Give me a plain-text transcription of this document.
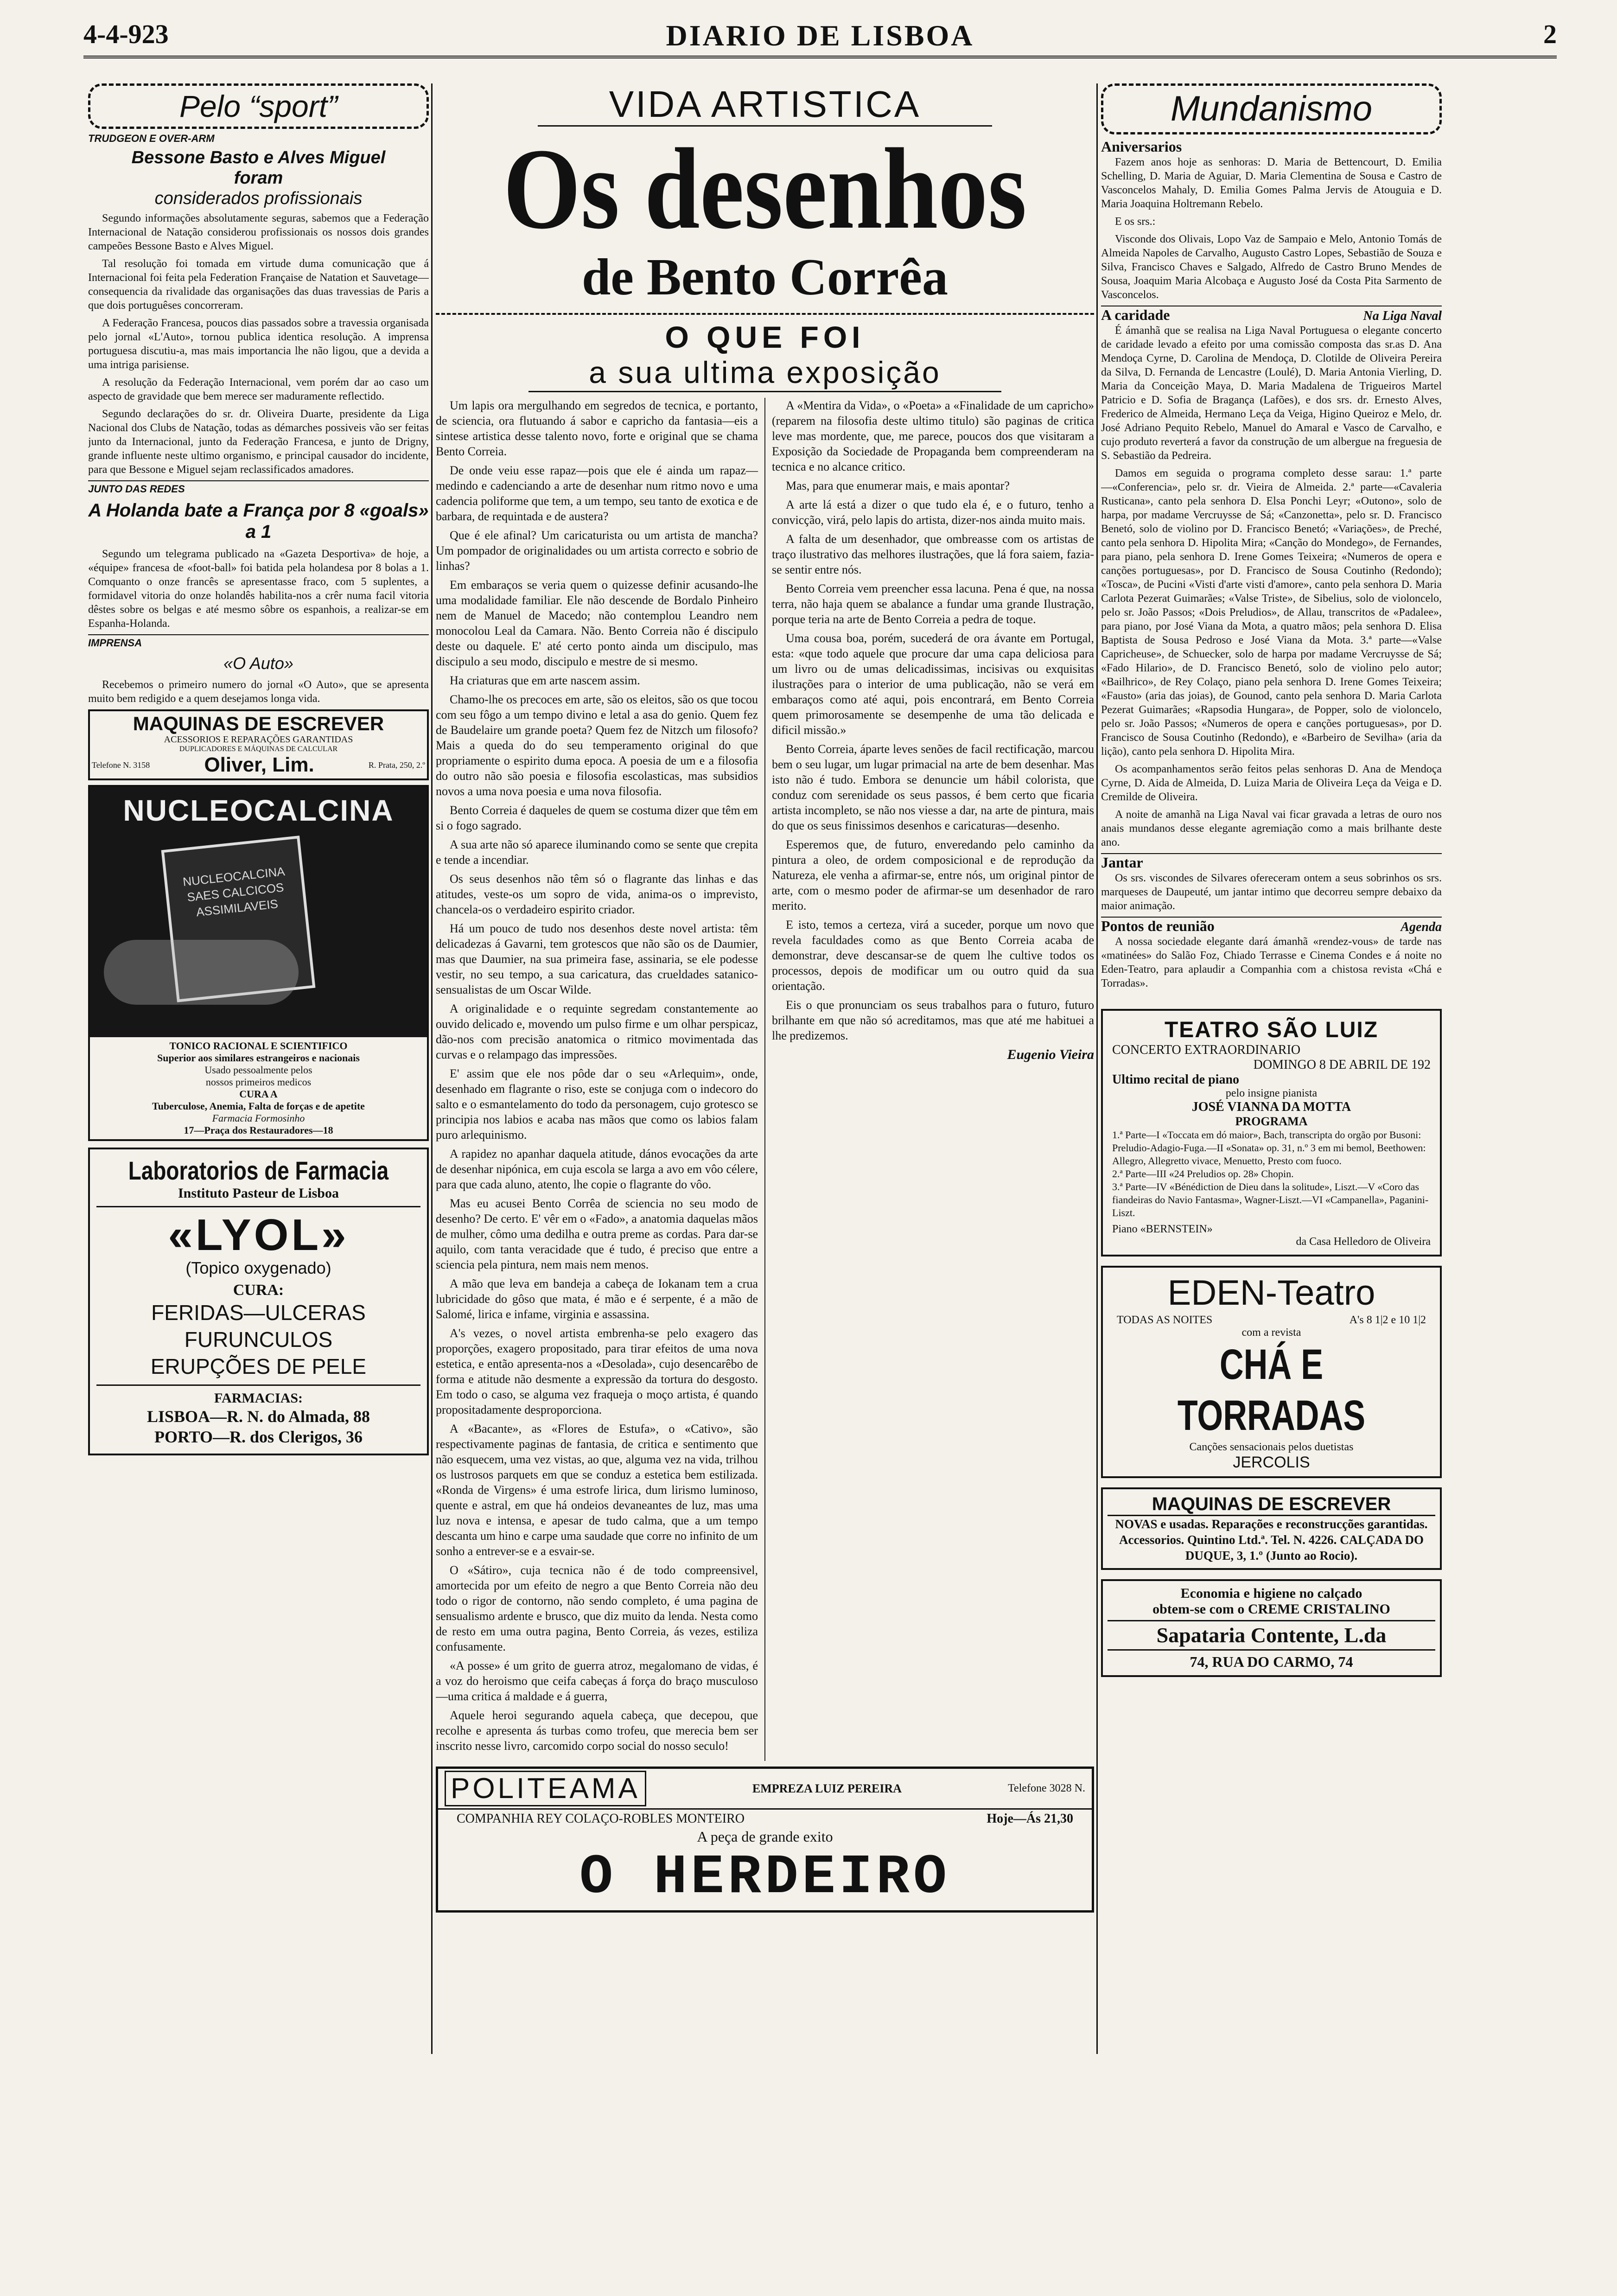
4-4-923	DIARIO DE LISBOA	2
Pelo “sport”
TRUDGEON E OVER-ARM
Bessone Basto e Alves Miguel
foram
considerados profissionais

Segundo informações absolutamente seguras, sabemos que a Federação Internacional de Natação considerou profissionais os nossos dois grandes campeões Bessone Basto e Alves Miguel.

Tal resolução foi tomada em virtude duma comunicação que á Internacional foi feita pela Federation Française de Natation et Sauvetage—consequencia da rivalidade das organisações das duas travessias de Paris a que dois portuguêses concorreram.

A Federação Francesa, poucos dias passados sobre a travessia organisada pelo jornal «L'Auto», tornou publica identica resolução. A imprensa portuguesa discutiu-a, mas mais importancia lhe não ligou, que a devida a uma intriga parisiense.

A resolução da Federação Internacional, vem porém dar ao caso um aspecto de gravidade que bem merece ser maduramente reflectido.

Segundo declarações do sr. dr. Oliveira Duarte, presidente da Liga Nacional dos Clubs de Natação, todas as démarches possiveis vão ser feitas junto da Internacional, junto da Federação Francesa, e junto de Drigny, grande influente neste ultimo organismo, e principal causador do incidente, para que Bessone e Miguel sejam reclassificados amadores.

JUNTO DAS REDES
A Holanda bate a França por 8 «goals» a 1

Segundo um telegrama publicado na «Gazeta Desportiva» de hoje, a «équipe» francesa de «foot-ball» foi batida pela holandesa por 8 bolas a 1. Comquanto o onze francês se apresentasse fraco, com 5 suplentes, a formidavel vitoria do onze holandês habilita-nos a crêr numa facil vitoria dêstes sobre os belgas e até mesmo sôbre os espanhois, a realizar-se em Espanha-Holanda.

IMPRENSA
«O Auto»

Recebemos o primeiro numero do jornal «O Auto», que se apresenta muito bem redigido e a quem desejamos longa vida.

MAQUINAS DE ESCREVER
ACESSORIOS E REPARAÇÕES GARANTIDAS
DUPLICADORES E MÁQUINAS DE CALCULAR
Telefone N. 3158	Oliver, Lim.	R. Prata, 250, 2.º
NUCLEOCALCINA
NUCLEOCALCINA SAES CALCICOS ASSIMILAVEIS
TONICO RACIONAL E SCIENTIFICO
Superior aos similares estrangeiros e nacionais
Usado pessoalmente pelos
nossos primeiros medicos
CURA A
Tuberculose, Anemia, Falta de forças e de apetite
Farmacia Formosinho
17—Praça dos Restauradores—18
Laboratorios de Farmacia
Instituto Pasteur de Lisboa
«LYOL»
(Topico oxygenado)
CURA:
FERIDAS—ULCERAS
FURUNCULOS
ERUPÇÕES DE PELE
FARMACIAS:
LISBOA—R. N. do Almada, 88
PORTO—R. dos Clerigos, 36
VIDA ARTISTICA
Os desenhos
de Bento Corrêa
O QUE FOI
a sua ultima exposição

Um lapis ora mergulhando em segredos de tecnica, e portanto, de sciencia, ora flutuando á sabor e capricho da fantasia—eis a sintese artistica desse talento novo, forte e original que se chama Bento Correia.

De onde veiu esse rapaz—pois que ele é ainda um rapaz—medindo e cadenciando a arte de desenhar num ritmo novo e uma cadencia poliforme que tem, a um tempo, seu tanto de exotica e de barbara, de requintada e de austera?

Que é ele afinal? Um caricaturista ou um artista de mancha? Um pompador de originalidades ou um artista correcto e sobrio de linhas?

Em embaraços se veria quem o quizesse definir acusando-lhe uma modalidade familiar. Ele não descende de Bordalo Pinheiro nem de Manuel de Macedo; não contemplou Leandro nem monocolou Leal da Camara. Não. Bento Correia não é discipulo deste ou daquele. E' até certo ponto ainda um discipulo, mas discipulo a seu modo, discipulo e mestre de si mesmo.

Ha criaturas que em arte nascem assim.

Chamo-lhe os precoces em arte, são os eleitos, são os que tocou com seu fôgo a um tempo divino e letal a asa do genio. Quem fez de Baudelaire um grande poeta? Quem fez de Nitzch um filosofo? Mais a queda do do seu temperamento original do que propriamente o espirito duma epoca. A poesia de um e a filosofia do outro não são poesia e filosofia escolasticas, mas subsidios novos a uma nova poesia e uma nova filosofia.

Bento Correia é daqueles de quem se costuma dizer que têm em si o fogo sagrado.

A sua arte não só aparece iluminando como se sente que crepita e tende a incendiar.

Os seus desenhos não têm só o flagrante das linhas e das atitudes, veste-os um sopro de vida, anima-os o imprevisto, chancela-os o verdadeiro espirito criador.

Há um pouco de tudo nos desenhos deste novel artista: têm delicadezas á Gavarni, tem grotescos que não são os de Daumier, mas que Daumier, na sua primeira fase, assinaria, se ele podesse vestir, no seu tempo, a sua caricatura, das crueldades satanico-sensualistas de um Oscar Wilde.

A originalidade e o requinte segredam constantemente ao ouvido delicado e, movendo um pulso firme e um olhar perspicaz, dão-nos com precisão anatomica o ritmico movimentada das curvas e o relampago das impressões.

E' assim que ele nos pôde dar o seu «Arlequim», onde, desenhado em flagrante o riso, este se conjuga com o indecoro do salto e o esmantelamento do todo da personagem, cujo grotesco se principia nos labios e acaba nas mãos que como os labios falam puro arlequinismo.

A rapidez no apanhar daquela atitude, dános evocações da arte de desenhar nipónica, em cuja escola se larga a avo em vôo célere, para que cada aluno, atento, lhe copie o flagrante do vôo.

Mas eu acusei Bento Corrêa de sciencia no seu modo de desenho? De certo. E' vêr em o «Fado», a anatomia daquelas mãos de mulher, cômo uma dedilha e outra preme as cordas. Para dar-se aquilo, com tanta veracidade que é tudo, é preciso que entre a sciencia pela pintura, nem mais nem menos.

A mão que leva em bandeja a cabeça de Iokanam tem a crua lubricidade do gôso que mata, é mão e é serpente, é a mão de Salomé, lirica e infame, virginia e assassina.

A's vezes, o novel artista embrenha-se pelo exagero das proporções, exagero propositado, para tirar efeitos de uma nova estetica, e então apresenta-nos a «Desolada», cujo desencarêbo de forma e atitude não desmente a expressão da tortura do desgosto. Em todo o caso, se alguma vez fraqueja o moço artista, é quando propositadamente desproporciona.

A «Bacante», as «Flores de Estufa», o «Cativo», são respectivamente paginas de fantasia, de critica e sentimento que não esquecem, uma vez vistas, ao que, alguma vez na vida, trilhou os lustrosos parquets em que se conduz a estetica bem estilizada. «Ronda de Virgens» é uma estrofe lirica, dum lirismo luminoso, quente e astral, em que há ondeios devaneantes de luz, mas uma luz nova e intensa, e apesar de tudo calma, que a um tempo descanta um hino e carpe uma saudade que corre no infinito de um sonho a entrever-se e a esvair-se.

O «Sátiro», cuja tecnica não é de todo compreensivel, amortecida por um efeito de negro a que Bento Correia não deu todo o rigor de contorno, não sendo completo, é uma pagina de sensualismo ardente e brusco, que diz muito da lenda. Nesta como de resto em uma outra pagina, Bento Correia, ás vezes, estiliza confusamente.

«A posse» é um grito de guerra atroz, megalomano de vidas, é a voz do heroismo que ceifa cabeças á força do braço musculoso—uma critica á maldade e á guerra,

Aquele heroi segurando aquela cabeça, que decepou, que recolhe e apresenta ás turbas como trofeu, que merecia bem ser inscrito nesse livro, carcomido corpo social do nosso seculo!

A «Mentira da Vida», o «Poeta» a «Finalidade de um capricho» (reparem na filosofia deste ultimo titulo) são paginas de critica leve mas mordente, que, me parece, poucos dos que visitaram a Exposição da Sociedade de Propaganda bem compreenderam na tecnica e no alcance critico.

Mas, para que enumerar mais, e mais apontar?

A arte lá está a dizer o que tudo ela é, e o futuro, tenho a convicção, virá, pelo lapis do artista, dizer-nos ainda muito mais.

A falta de um desenhador, que ombreasse com os artistas de traço ilustrativo das melhores ilustrações, que lá fora saiem, fazia-se sentir entre nós.

Bento Correia vem preencher essa lacuna. Pena é que, na nossa terra, não haja quem se abalance a fundar uma grande Ilustração, porque teria na arte de Bento Correia a pedra de toque.

Uma cousa boa, porém, sucederá de ora ávante em Portugal, esta: «que todo aquele que procure dar uma capa deliciosa para um livro ou de umas delicadissimas, incisivas ou exquisitas ilustrações para o interior de uma publicação, não se verá em embaraços como até aqui, pois encontrará, em Bento Correia quem primorosamente se desempenhe de uma tão delicada e dificil missão.»

Bento Correia, áparte leves senões de facil rectificação, marcou bem o seu lugar, um lugar primacial na arte de bem desenhar. Mas isto não é tudo. Embora se denuncie um hábil colorista, que conduz com serenidade os seus passos, é bem certo que ficaria artista incompleto, se não nos viesse a dar, na arte de pintura, mais do que os seus finissimos desenhos e caricaturas—desenho.

Esperemos que, de futuro, enveredando pelo caminho da pintura a oleo, de ordem composicional e de reprodução da Natureza, ele venha a afirmar-se, entre nós, um original pintor de arte, com o mesmo poder de afirmar-se um desenhador de raro merito.

E isto, temos a certeza, virá a suceder, porque um novo que revela faculdades como as que Bento Correia acaba de demonstrar, deve descansar-se de quem lhe cultive todos os processos, depois de modificar um ou outro quid da sua orientação.

Eis o que pronunciam os seus trabalhos para o futuro, futuro brilhante em que não só acreditamos, mas que até me habituei a lhe predizemos.

Eugenio Vieira
POLITEAMA	EMPREZA LUIZ PEREIRA	Telefone 3028 N.
COMPANHIA REY COLAÇO-ROBLES MONTEIRO	Hoje—Ás 21,30
A peça de grande exito
O HERDEIRO
Mundanismo
Aniversarios

Fazem anos hoje as senhoras: D. Maria de Bettencourt, D. Emilia Schelling, D. Maria de Aguiar, D. Maria Clementina de Sousa e Castro de Vasconcelos Mahaly, D. Emilia Gomes Palma Jervis de Atouguia e D. Maria Joaquina Holtremann Rebelo.

E os srs.:

Visconde dos Olivais, Lopo Vaz de Sampaio e Melo, Antonio Tomás de Almeida Napoles de Carvalho, Augusto Castro Lopes, Sebastião de Souza e Silva, Francisco Chaves e Salgado, Alfredo de Castro Bruno Mendes de Sousa, Joaquim Maria Alcobaça e Augusto José da Costa Pita Sarmento de Vasconcelos.

A caridade	Na Liga Naval

É ámanhã que se realisa na Liga Naval Portuguesa o elegante concerto de caridade levado a efeito por uma comissão composta das sr.as D. Ana Mendoça Cyrne, D. Carolina de Mendoça, D. Clotilde de Oliveira Pereira da Silva, D. Fernanda de Lencastre (Loulé), D. Maria Antonia Vierling, D. Maria da Conceição Maya, D. Maria Madalena de Trigueiros Martel Patricio e D. Sofia de Bragança (Lafões), e dos srs. dr. Ernesto Alves, Frederico de Almeida, Hermano Leça da Veiga, Higino Queiroz e Melo, dr. José Adriano Pequito Rebelo, Manuel do Amaral e Vasco de Carvalho, e cujo produto reverterá a favor da construção de um albergue na freguesia de S. Sebastião da Pedreira.

Damos em seguida o programa completo desse sarau: 1.ª parte—«Conferencia», pelo sr. dr. Vieira de Almeida. 2.ª parte—«Cavaleria Rusticana», canto pela senhora D. Elsa Ponchi Leyr; «Outono», solo de harpa, por madame Vercruysse de Sá; «Canzonetta», pelo sr. D. Francisco Benetó, solo de violino por D. Francisco Benetó; «Variações», de Preché, canto pela senhora D. Hipolita Mira; «Canção do Mondego», de Fernandes, para piano, pela senhora D. Irene Gomes Teixeira; «Numeros de opera e canções portuguesas», por D. Francisco de Sousa Coutinho (Redondo); «Tosca», de Pucini «Visti d'arte visti d'amore», canto pela senhora D. Maria Carlota Pezerat Guimarães; «Valse Triste», de Sibelius, solo de violoncelo, pelo sr. João Passos; «Dois Preludios», de Allau, transcritos de «Padalee», para piano, por José Viana da Mota, a quatro mãos; pela senhora D. Elisa Baptista de Sousa Pedroso e José Viana da Mota. 3.ª parte—«Valse Capricheuse», de Schuecker, solo de harpa por madame Vercruysse de Sá; «Fado Hilario», de D. Francisco Benetó, solo de violino pelo autor; «Bailhrico», de Rey Colaço, piano pela senhora D. Irene Gomes Teixeira; «Fausto» (aria das joias), de Gounod, canto pela senhora D. Maria Carlota Pezerat Guimarães; «Rapsodia Hungara», de Popper, solo de violoncelo, pelo sr. João Passos; «Numeros de opera e canções portuguesas», por D. Francisco de Sousa Coutinho (Redondo), e «Barbeiro de Sevilha» (aria da lição), canto pela senhora D. Hipolita Mira.

Os acompanhamentos serão feitos pelas senhoras D. Ana de Mendoça Cyrne, D. Aida de Almeida, D. Luiza Maria de Oliveira Leça da Veiga e D. Cremilde de Oliveira.

A noite de amanhã na Liga Naval vai ficar gravada a letras de ouro nos anais mundanos desse elegante agremiação como a mais brilhante deste ano.

Jantar

Os srs. viscondes de Silvares ofereceram ontem a seus sobrinhos os srs. marqueses de Daupeuté, um jantar intimo que decorreu sempre debaixo da maior animação.

Pontos de reunião	Agenda

A nossa sociedade elegante dará ámanhã «rendez-vous» de tarde nas «matinées» do Salão Foz, Chiado Terrasse e Cinema Condes e á noite no Eden-Teatro, para aplaudir a Companhia com a chistosa revista «Chá e Torradas».

TEATRO SÃO LUIZ
CONCERTO EXTRAORDINARIO
DOMINGO 8 DE ABRIL DE 192
Ultimo recital de piano
pelo insigne pianista
JOSÉ VIANNA DA MOTTA
PROGRAMA
1.ª Parte—I «Toccata em dó maior», Bach, transcripta do orgão por Busoni: Preludio-Adagio-Fuga.—II «Sonata» op. 31, n.º 3 em mi bemol, Beethowen: Allegro, Allegretto vivace, Menuetto, Presto com fuoco.
2.ª Parte—III «24 Preludios op. 28» Chopin.
3.ª Parte—IV «Bénédiction de Dieu dans la solitude», Liszt.—V «Coro das fiandeiras do Navio Fantasma», Wagner-Liszt.—VI «Campanella», Paganini-Liszt.
Piano «BERNSTEIN»
da Casa Helledoro de Oliveira
EDEN-Teatro
TODAS AS NOITES	A's 8 1|2 e 10 1|2
com a revista
CHÁ E TORRADAS
Canções sensacionais pelos duetistas
JERCOLIS
MAQUINAS DE ESCREVER
NOVAS e usadas. Reparações e reconstrucções garantidas. Accessorios. Quintino Ltd.ª. Tel. N. 4226. CALÇADA DO DUQUE, 3, 1.º (Junto ao Rocio).
Economia e higiene no calçado
obtem-se com o CREME CRISTALINO
Sapataria Contente, L.da
74, RUA DO CARMO, 74
